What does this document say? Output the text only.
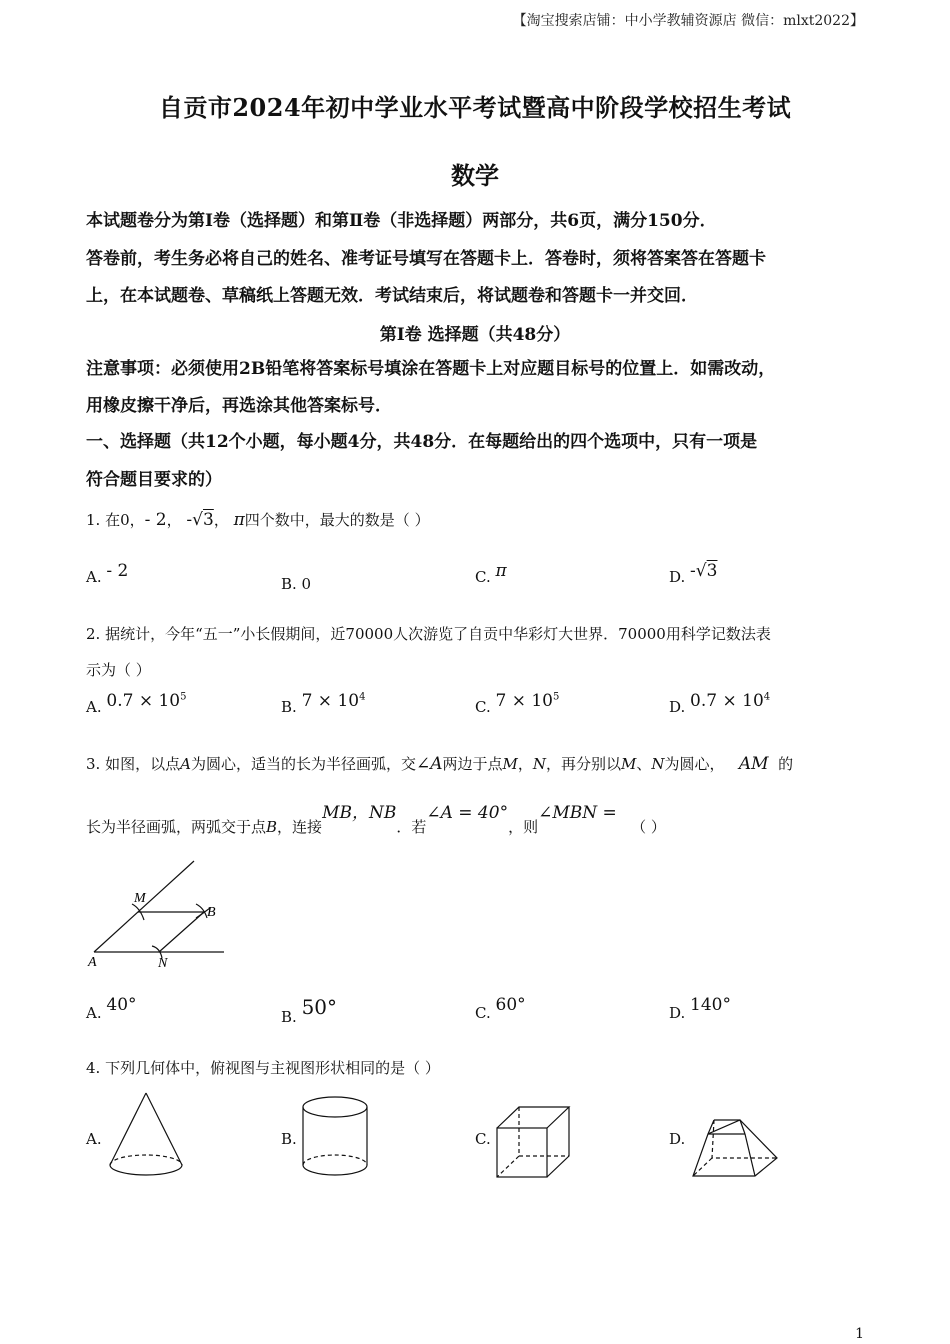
【淘宝搜索店铺：中小学教辅资源店 微信：mlxt2022】
自贡市2024年初中学业水平考试暨高中阶段学校招生考试
数学
本试题卷分为第Ⅰ卷（选择题）和第Ⅱ卷（非选择题）两部分，共6页，满分150分．
答卷前，考生务必将自己的姓名、准考证号填写在答题卡上．答卷时，须将答案答在答题卡
上，在本试题卷、草稿纸上答题无效．考试结束后，将试题卷和答题卡一并交回．
第Ⅰ卷 选择题（共48分）
注意事项：必须使用2B铅笔将答案标号填涂在答题卡上对应题目标号的位置上．如需改动，
用橡皮擦干净后，再选涂其他答案标号．
一、选择题（共12个小题，每小题4分，共48分．在每题给出的四个选项中，只有一项是
符合题目要求的）
1. 在0，- 2， -√3， π四个数中，最大的数是（ ）
A. - 2
B. 0	C. π	D. -√3
2. 据统计，今年“五一”小长假期间，近70000人次游览了自贡中华彩灯大世界．70000用科学记数法表
示为（ ）
A. $0.7 \times 10^5$
B. $7 \times 10^4$
C. $7 \times 10^5$
D. $0.7 \times 10^4$
3. 如图，以点A为圆心，适当的长为半径画弧，交∠A两边于点M，N，再分别以M、N为圆心， AM 的
长为半径画弧，两弧交于点B，连接MB，NB．若∠A = 40°，则∠MBN =   （ ）
M
B
A	N
A. 40°
B. 50°	C. 60°	D. 140°
4. 下列几何体中，俯视图与主视图形状相同的是（ ）
A.	B.	C.	D.
1
